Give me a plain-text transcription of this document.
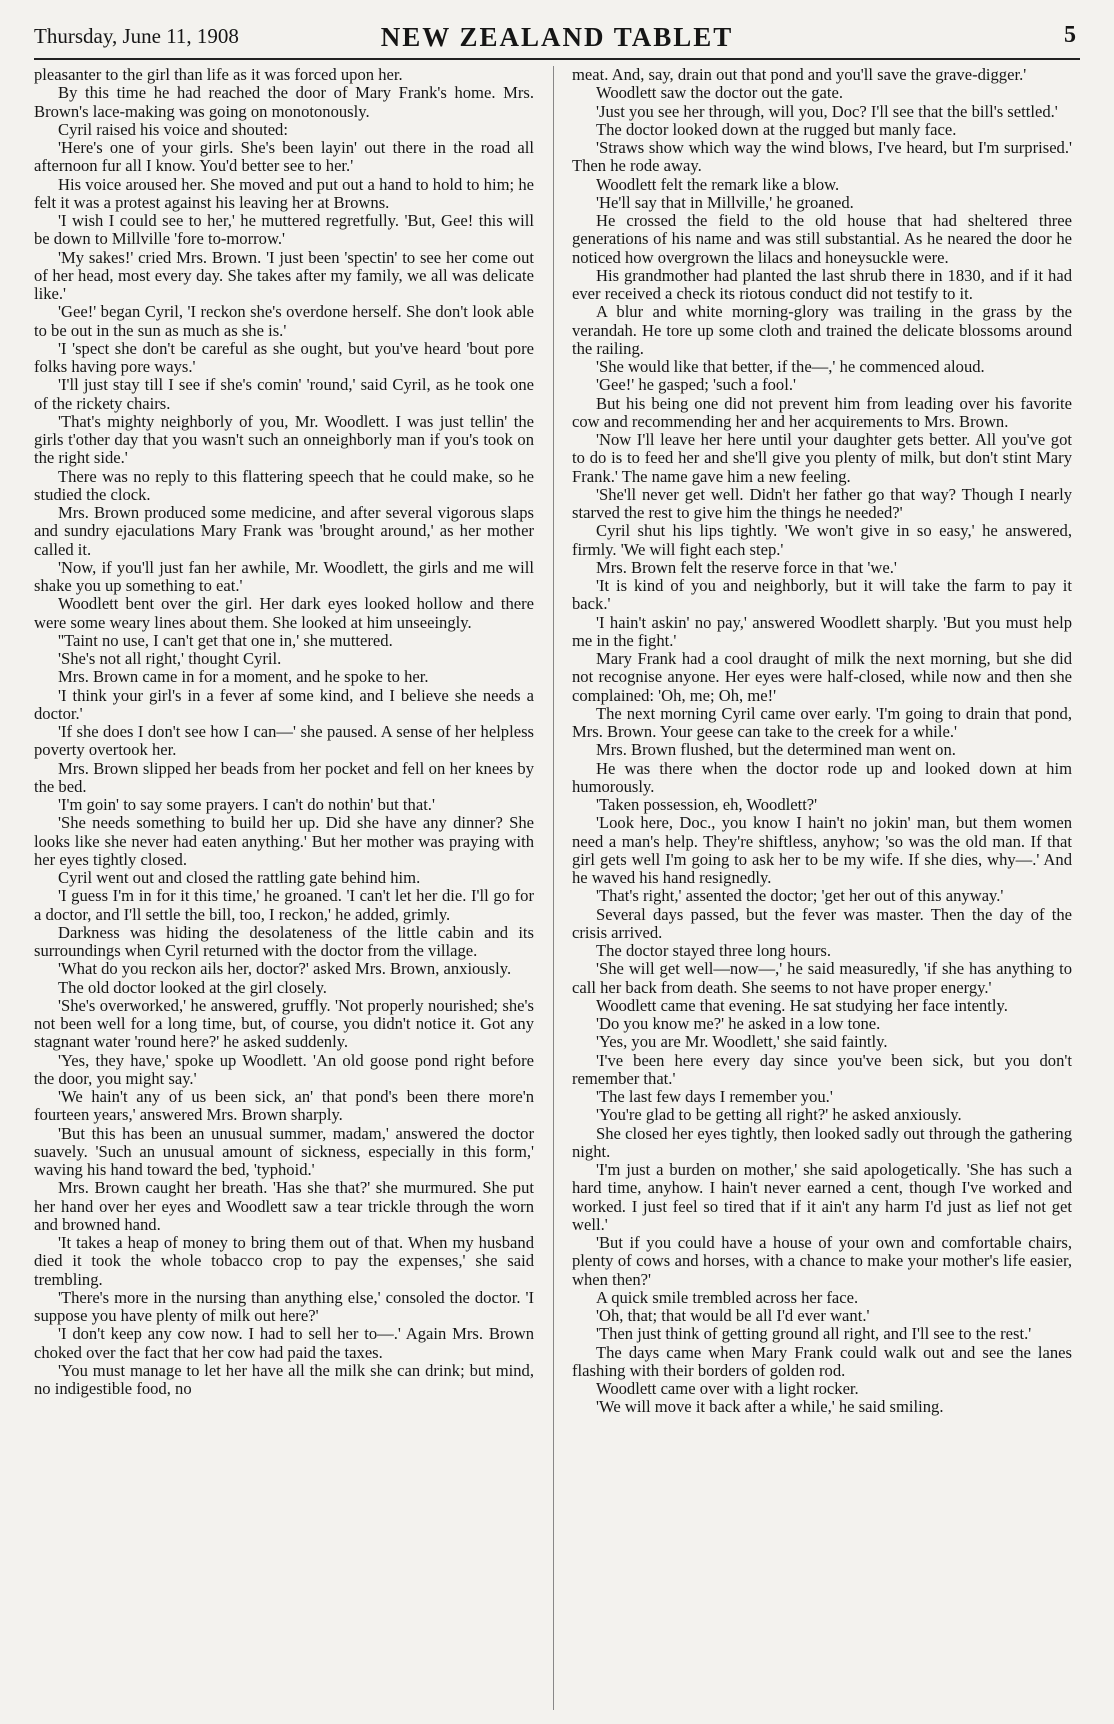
Thursday, June 11, 1908	NEW ZEALAND TABLET	5

pleasanter to the girl than life as it was forced upon her.

By this time he had reached the door of Mary Frank's home. Mrs. Brown's lace-making was going on monotonously.

Cyril raised his voice and shouted:

'Here's one of your girls. She's been layin' out there in the road all afternoon fur all I know. You'd better see to her.'

His voice aroused her. She moved and put out a hand to hold to him; he felt it was a protest against his leaving her at Browns.

'I wish I could see to her,' he muttered regretfully. 'But, Gee! this will be down to Millville 'fore to-morrow.'

'My sakes!' cried Mrs. Brown. 'I just been 'spectin' to see her come out of her head, most every day. She takes after my family, we all was delicate like.'

'Gee!' began Cyril, 'I reckon she's overdone herself. She don't look able to be out in the sun as much as she is.'

'I 'spect she don't be careful as she ought, but you've heard 'bout pore folks having pore ways.'

'I'll just stay till I see if she's comin' 'round,' said Cyril, as he took one of the rickety chairs.

'That's mighty neighborly of you, Mr. Woodlett. I was just tellin' the girls t'other day that you wasn't such an onneighborly man if you's took on the right side.'

There was no reply to this flattering speech that he could make, so he studied the clock.

Mrs. Brown produced some medicine, and after several vigorous slaps and sundry ejaculations Mary Frank was 'brought around,' as her mother called it.

'Now, if you'll just fan her awhile, Mr. Woodlett, the girls and me will shake you up something to eat.'

Woodlett bent over the girl. Her dark eyes looked hollow and there were some weary lines about them. She looked at him unseeingly.

''Taint no use, I can't get that one in,' she muttered.

'She's not all right,' thought Cyril.

Mrs. Brown came in for a moment, and he spoke to her.

'I think your girl's in a fever af some kind, and I believe she needs a doctor.'

'If she does I don't see how I can—' she paused. A sense of her helpless poverty overtook her.

Mrs. Brown slipped her beads from her pocket and fell on her knees by the bed.

'I'm goin' to say some prayers. I can't do nothin' but that.'

'She needs something to build her up. Did she have any dinner? She looks like she never had eaten anything.' But her mother was praying with her eyes tightly closed.

Cyril went out and closed the rattling gate behind him.

'I guess I'm in for it this time,' he groaned. 'I can't let her die. I'll go for a doctor, and I'll settle the bill, too, I reckon,' he added, grimly.

Darkness was hiding the desolateness of the little cabin and its surroundings when Cyril returned with the doctor from the village.

'What do you reckon ails her, doctor?' asked Mrs. Brown, anxiously.

The old doctor looked at the girl closely.

'She's overworked,' he answered, gruffly. 'Not properly nourished; she's not been well for a long time, but, of course, you didn't notice it. Got any stagnant water 'round here?' he asked suddenly.

'Yes, they have,' spoke up Woodlett. 'An old goose pond right before the door, you might say.'

'We hain't any of us been sick, an' that pond's been there more'n fourteen years,' answered Mrs. Brown sharply.

'But this has been an unusual summer, madam,' answered the doctor suavely. 'Such an unusual amount of sickness, especially in this form,' waving his hand toward the bed, 'typhoid.'

Mrs. Brown caught her breath. 'Has she that?' she murmured. She put her hand over her eyes and Woodlett saw a tear trickle through the worn and browned hand.

'It takes a heap of money to bring them out of that. When my husband died it took the whole tobacco crop to pay the expenses,' she said trembling.

'There's more in the nursing than anything else,' consoled the doctor. 'I suppose you have plenty of milk out here?'

'I don't keep any cow now. I had to sell her to—.' Again Mrs. Brown choked over the fact that her cow had paid the taxes.

'You must manage to let her have all the milk she can drink; but mind, no indigestible food, no

meat. And, say, drain out that pond and you'll save the grave-digger.'

Woodlett saw the doctor out the gate.

'Just you see her through, will you, Doc? I'll see that the bill's settled.'

The doctor looked down at the rugged but manly face.

'Straws show which way the wind blows, I've heard, but I'm surprised.' Then he rode away.

Woodlett felt the remark like a blow.

'He'll say that in Millville,' he groaned.

He crossed the field to the old house that had sheltered three generations of his name and was still substantial. As he neared the door he noticed how overgrown the lilacs and honeysuckle were.

His grandmother had planted the last shrub there in 1830, and if it had ever received a check its riotous conduct did not testify to it.

A blur and white morning-glory was trailing in the grass by the verandah. He tore up some cloth and trained the delicate blossoms around the railing.

'She would like that better, if the—,' he commenced aloud.

'Gee!' he gasped; 'such a fool.'

But his being one did not prevent him from leading over his favorite cow and recommending her and her acquirements to Mrs. Brown.

'Now I'll leave her here until your daughter gets better. All you've got to do is to feed her and she'll give you plenty of milk, but don't stint Mary Frank.' The name gave him a new feeling.

'She'll never get well. Didn't her father go that way? Though I nearly starved the rest to give him the things he needed?'

Cyril shut his lips tightly. 'We won't give in so easy,' he answered, firmly. 'We will fight each step.'

Mrs. Brown felt the reserve force in that 'we.'

'It is kind of you and neighborly, but it will take the farm to pay it back.'

'I hain't askin' no pay,' answered Woodlett sharply. 'But you must help me in the fight.'

Mary Frank had a cool draught of milk the next morning, but she did not recognise anyone. Her eyes were half-closed, while now and then she complained: 'Oh, me; Oh, me!'

The next morning Cyril came over early. 'I'm going to drain that pond, Mrs. Brown. Your geese can take to the creek for a while.'

Mrs. Brown flushed, but the determined man went on.

He was there when the doctor rode up and looked down at him humorously.

'Taken possession, eh, Woodlett?'

'Look here, Doc., you know I hain't no jokin' man, but them women need a man's help. They're shiftless, anyhow; 'so was the old man. If that girl gets well I'm going to ask her to be my wife. If she dies, why—.' And he waved his hand resignedly.

'That's right,' assented the doctor; 'get her out of this anyway.'

Several days passed, but the fever was master. Then the day of the crisis arrived.

The doctor stayed three long hours.

'She will get well—now—,' he said measuredly, 'if she has anything to call her back from death. She seems to not have proper energy.'

Woodlett came that evening. He sat studying her face intently.

'Do you know me?' he asked in a low tone.

'Yes, you are Mr. Woodlett,' she said faintly.

'I've been here every day since you've been sick, but you don't remember that.'

'The last few days I remember you.'

'You're glad to be getting all right?' he asked anxiously.

She closed her eyes tightly, then looked sadly out through the gathering night.

'I'm just a burden on mother,' she said apologetically. 'She has such a hard time, anyhow. I hain't never earned a cent, though I've worked and worked. I just feel so tired that if it ain't any harm I'd just as lief not get well.'

'But if you could have a house of your own and comfortable chairs, plenty of cows and horses, with a chance to make your mother's life easier, when then?'

A quick smile trembled across her face.

'Oh, that; that would be all I'd ever want.'

'Then just think of getting ground all right, and I'll see to the rest.'

The days came when Mary Frank could walk out and see the lanes flashing with their borders of golden rod.

Woodlett came over with a light rocker.

'We will move it back after a while,' he said smiling.
